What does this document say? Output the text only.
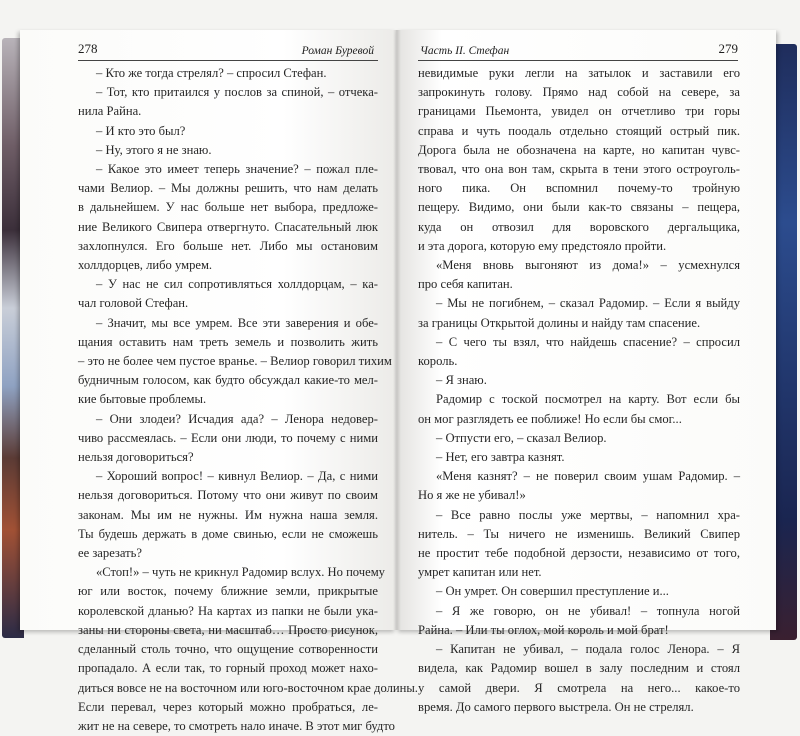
278	Роман Буревой
– Кто же тогда стрелял? – спросил Стефан.
– Тот, кто притаился у послов за спиной, – отчека-
нила Райна.
– И кто это был?
– Ну, этого я не знаю.
– Какое это имеет теперь значение? – пожал пле-
чами Велиор. – Мы должны решить, что нам делать
в дальнейшем. У нас больше нет выбора, предложе-
ние Великого Свипера отвергнуто. Спасательный люк
захлопнулся. Его больше нет. Либо мы остановим
холлдорцев, либо умрем.
– У нас не сил сопротивляться холлдорцам, – ка-
чал головой Стефан.
– Значит, мы все умрем. Все эти заверения и обе-
щания оставить нам треть земель и позволить жить
– это не более чем пустое вранье. – Велиор говорил тихим
будничным голосом, как будто обсуждал какие-то мел-
кие бытовые проблемы.
– Они злодеи? Исчадия ада? – Ленора недовер-
чиво рассмеялась. – Если они люди, то почему с ними
нельзя договориться?
– Хороший вопрос! – кивнул Велиор. – Да, с ними
нельзя договориться. Потому что они живут по своим
законам. Мы им не нужны. Им нужна наша земля.
Ты будешь держать в доме свинью, если не сможешь
ее зарезать?
«Стоп!» – чуть не крикнул Радомир вслух. Но почему
юг или восток, почему ближние земли, прикрытые
королевской дланью? На картах из папки не были ука-
заны ни стороны света, ни масштаб… Просто рисунок,
сделанный столь точно, что ощущение сотворенности
пропадало. А если так, то горный проход может нахо-
диться вовсе не на восточном или юго-восточном крае долины.
Если перевал, через который можно пробраться, ле-
жит не на севере, то смотреть нало иначе. В этот миг будто
Часть II. Стефан	279
невидимые руки легли на затылок и заставили его
запрокинуть голову. Прямо над собой на севере, за
границами Пьемонта, увидел он отчетливо три горы
справа и чуть поодаль отдельно стоящий острый пик.
Дорога была не обозначена на карте, но капитан чувс-
твовал, что она вон там, скрыта в тени этого остроуголь-
ного пика. Он вспомнил почему-то тройную
пещеру. Видимо, они были как-то связаны – пещера,
куда он отвозил для воровского дергальщика,
и эта дорога, которую ему предстояло пройти.
«Меня вновь выгоняют из дома!» – усмехнулся
про себя капитан.
– Мы не погибнем, – сказал Радомир. – Если я выйду
за границы Открытой долины и найду там спасение.
– С чего ты взял, что найдешь спасение? – спросил
король.
– Я знаю.
Радомир с тоской посмотрел на карту. Вот если бы
он мог разглядеть ее поближе! Но если бы смог...
– Отпусти его, – сказал Велиор.
– Нет, его завтра казнят.
«Меня казнят? – не поверил своим ушам Радомир. –
Но я же не убивал!»
– Все равно послы уже мертвы, – напомнил хра-
нитель. – Ты ничего не изменишь. Великий Свипер
не простит тебе подобной дерзости, независимо от того,
умрет капитан или нет.
– Он умрет. Он совершил преступление и...
– Я же говорю, он не убивал! – топнула ногой
Райна. – Или ты оглох, мой король и мой брат!
– Капитан не убивал, – подала голос Ленора. – Я
видела, как Радомир вошел в залу последним и стоял
у самой двери. Я смотрела на него... какое-то
время. До самого первого выстрела. Он не стрелял.
